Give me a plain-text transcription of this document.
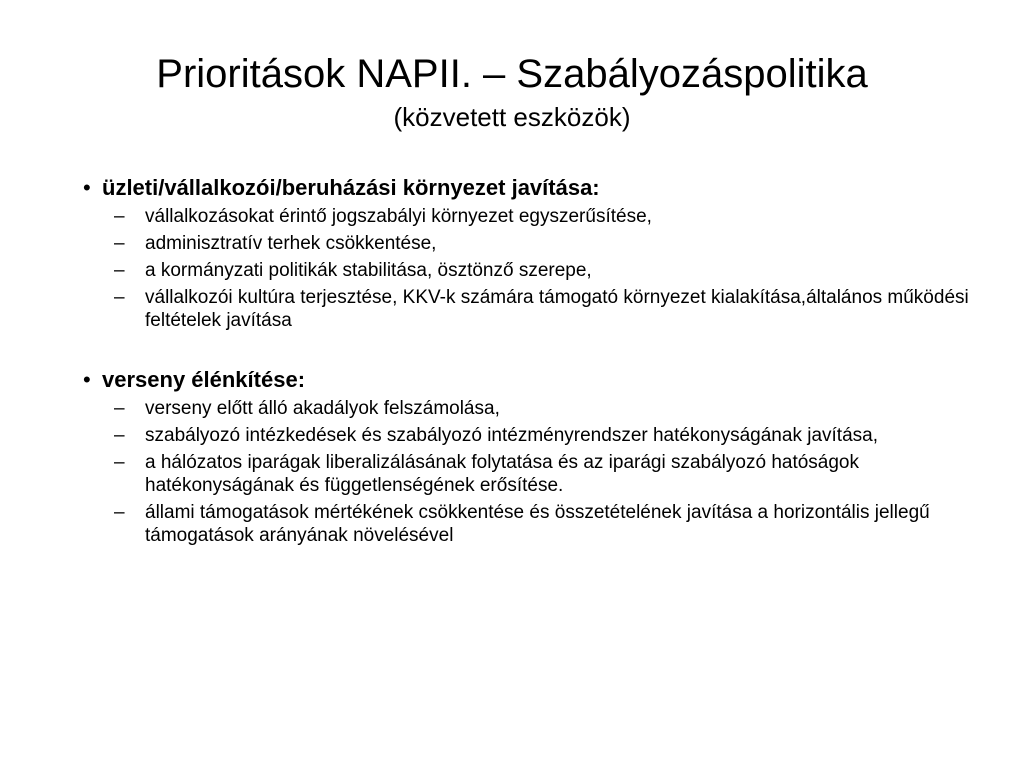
Prioritások NAPII. – Szabályozáspolitika
(közvetett eszközök)
• üzleti/vállalkozói/beruházási környezet javítása:
– vállalkozásokat érintő jogszabályi környezet egyszerűsítése,
– adminisztratív terhek csökkentése,
– a kormányzati politikák stabilitása, ösztönző szerepe,
– vállalkozói kultúra terjesztése, KKV-k számára támogató környezet kialakítása,általános működési feltételek javítása
• verseny élénkítése:
– verseny előtt álló akadályok felszámolása,
– szabályozó intézkedések és szabályozó intézményrendszer hatékonyságának javítása,
– a hálózatos iparágak liberalizálásának folytatása és az iparági szabályozó hatóságok hatékonyságának és függetlenségének erősítése.
– állami támogatások mértékének csökkentése és összetételének javítása a horizontális jellegű támogatások arányának növelésével
